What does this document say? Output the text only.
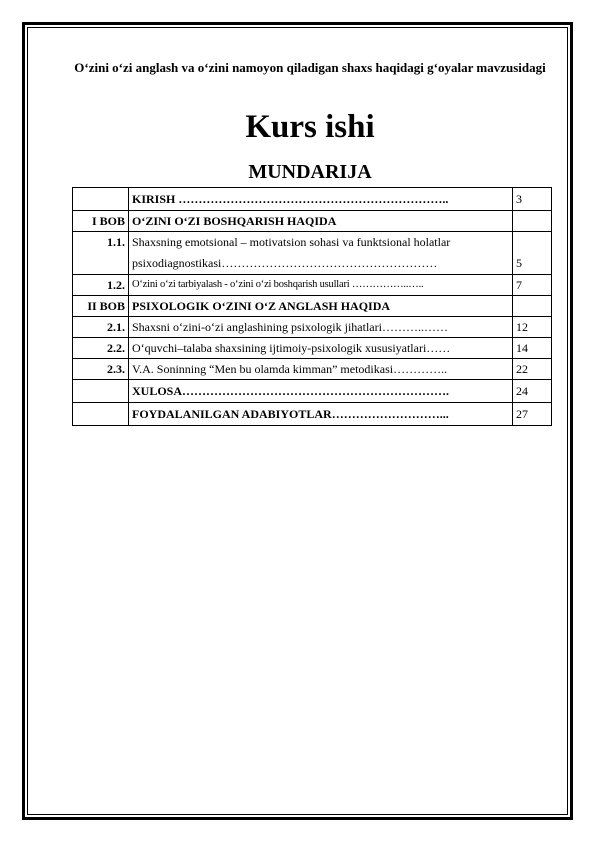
O‘zini o‘zi anglash va o‘zini namoyon qiladigan shaxs haqidagi g‘oyalar mavzusidagi
Kurs ishi
MUNDARIJA
	KIRISH …………………………………………………………..	3
I BOB	O‘ZINI O‘ZI BOSHQARISH HAQIDA	
1.1.	Shaxsning emotsional – motivatsion sohasi va funktsional holatlar psixodiagnostikasi………………………………………………	5
1.2.	O‘zini o‘zi tarbiyalash - o‘zini o‘zi boshqarish usullari ……………..…..	7
II BOB	PSIXOLOGIK O‘ZINI O‘Z ANGLASH HAQIDA	
2.1.	Shaxsni o‘zini-o‘zi anglashining psixologik jihatlari………..……	12
2.2.	O‘quvchi–talaba shaxsining ijtimoiy-psixologik xususiyatlari……	14
2.3.	V.A. Soninning “Men bu olamda kimman” metodikasi…………..	22
	XULOSA………………………………………………………….	24
	FOYDALANILGAN ADABIYOTLAR………………………...	27
